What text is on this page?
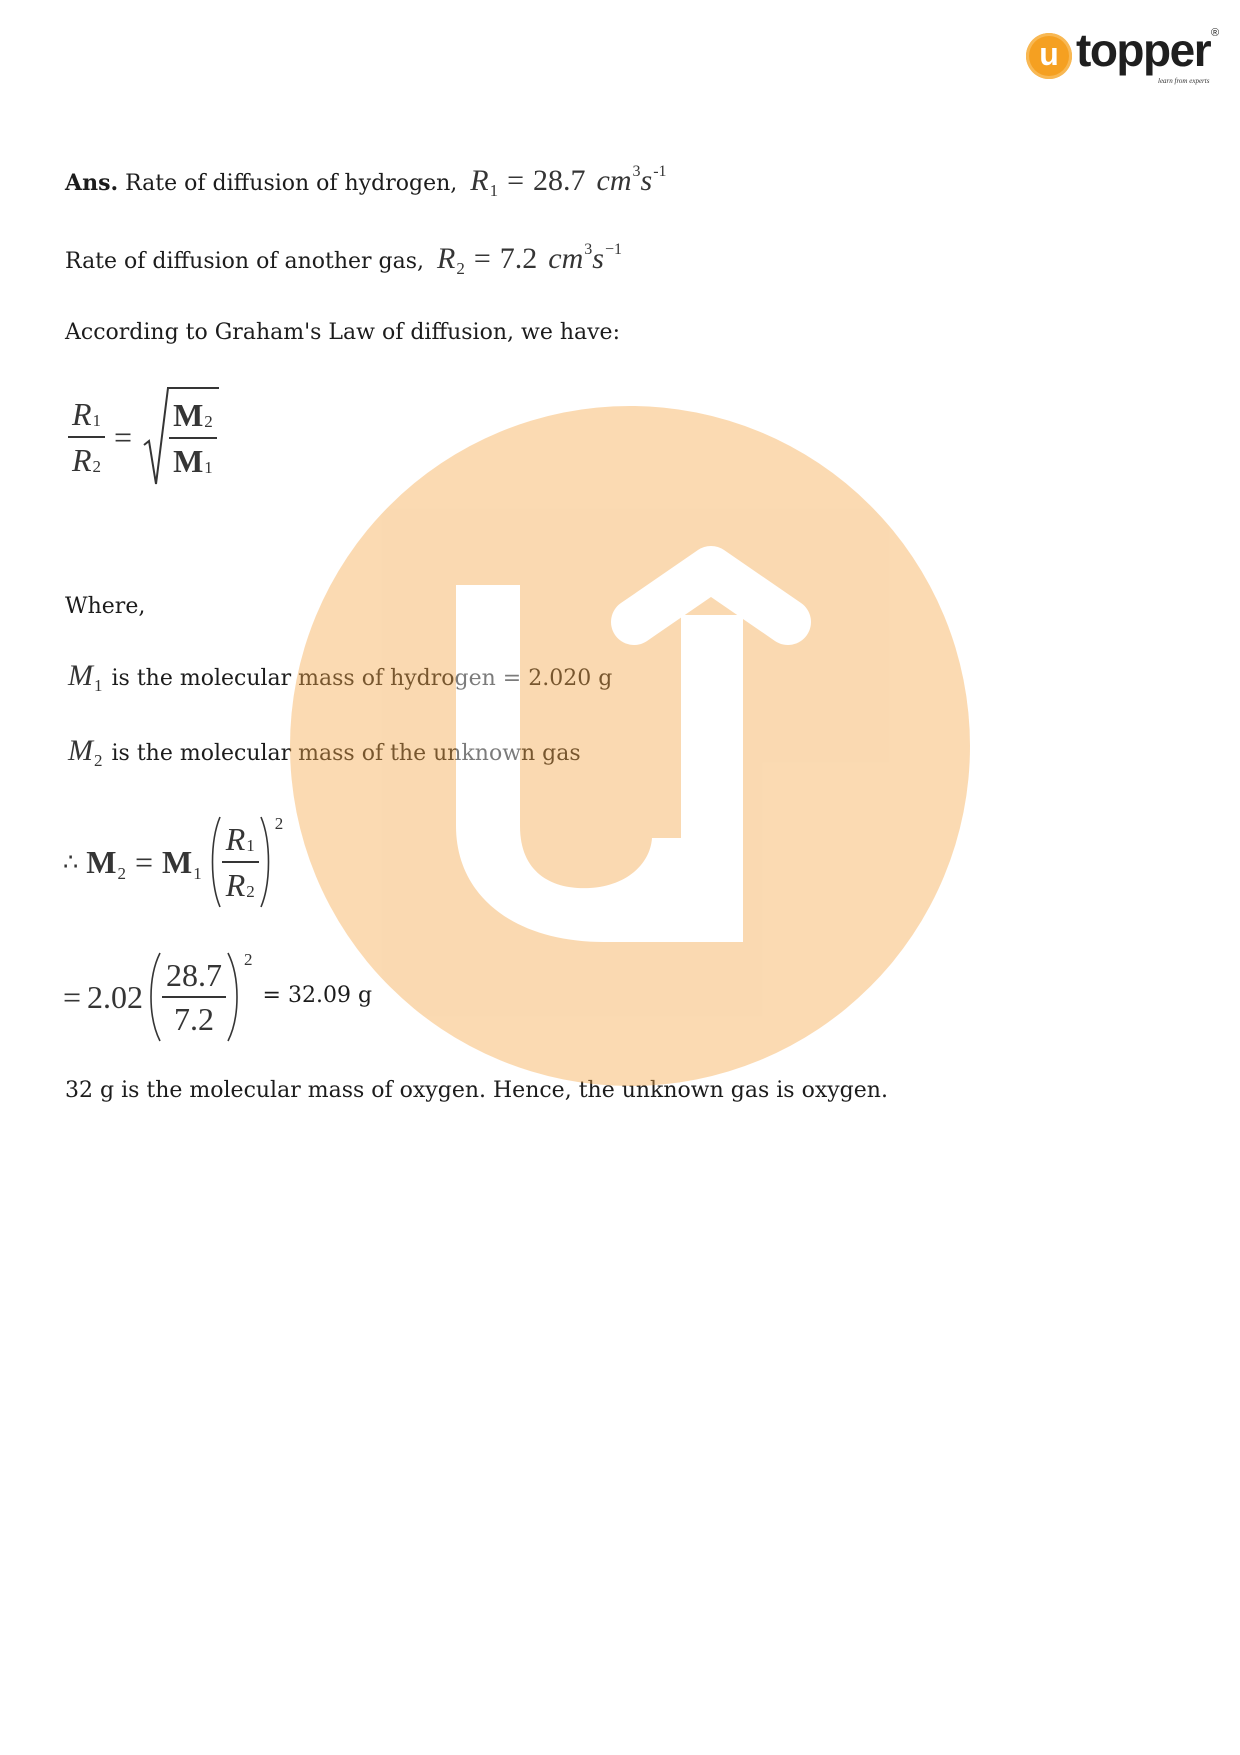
u topper ®
learn from experts
Ans. Rate of diffusion of hydrogen, $R_1 = 28.7$ $cm^3s^{-1}$
Rate of diffusion of another gas, $R_2 = 7.2$ $cm^3s^{-1}$
According to Graham's Law of diffusion, we have:
$\frac{R 1}{R 2} = \frac{M 2}{M 1}$
Where,
$M_1$ is the molecular mass of hydrogen = 2.020 g
$M_2$ is the molecular mass of the unknown gas
∴ $M2 = M1 \frac{R 1}{R 2} 2$
= $2.02 \frac{28.7}{7.2} 2$
= 32.09 g
32 g is the molecular mass of oxygen. Hence, the unknown gas is oxygen.
